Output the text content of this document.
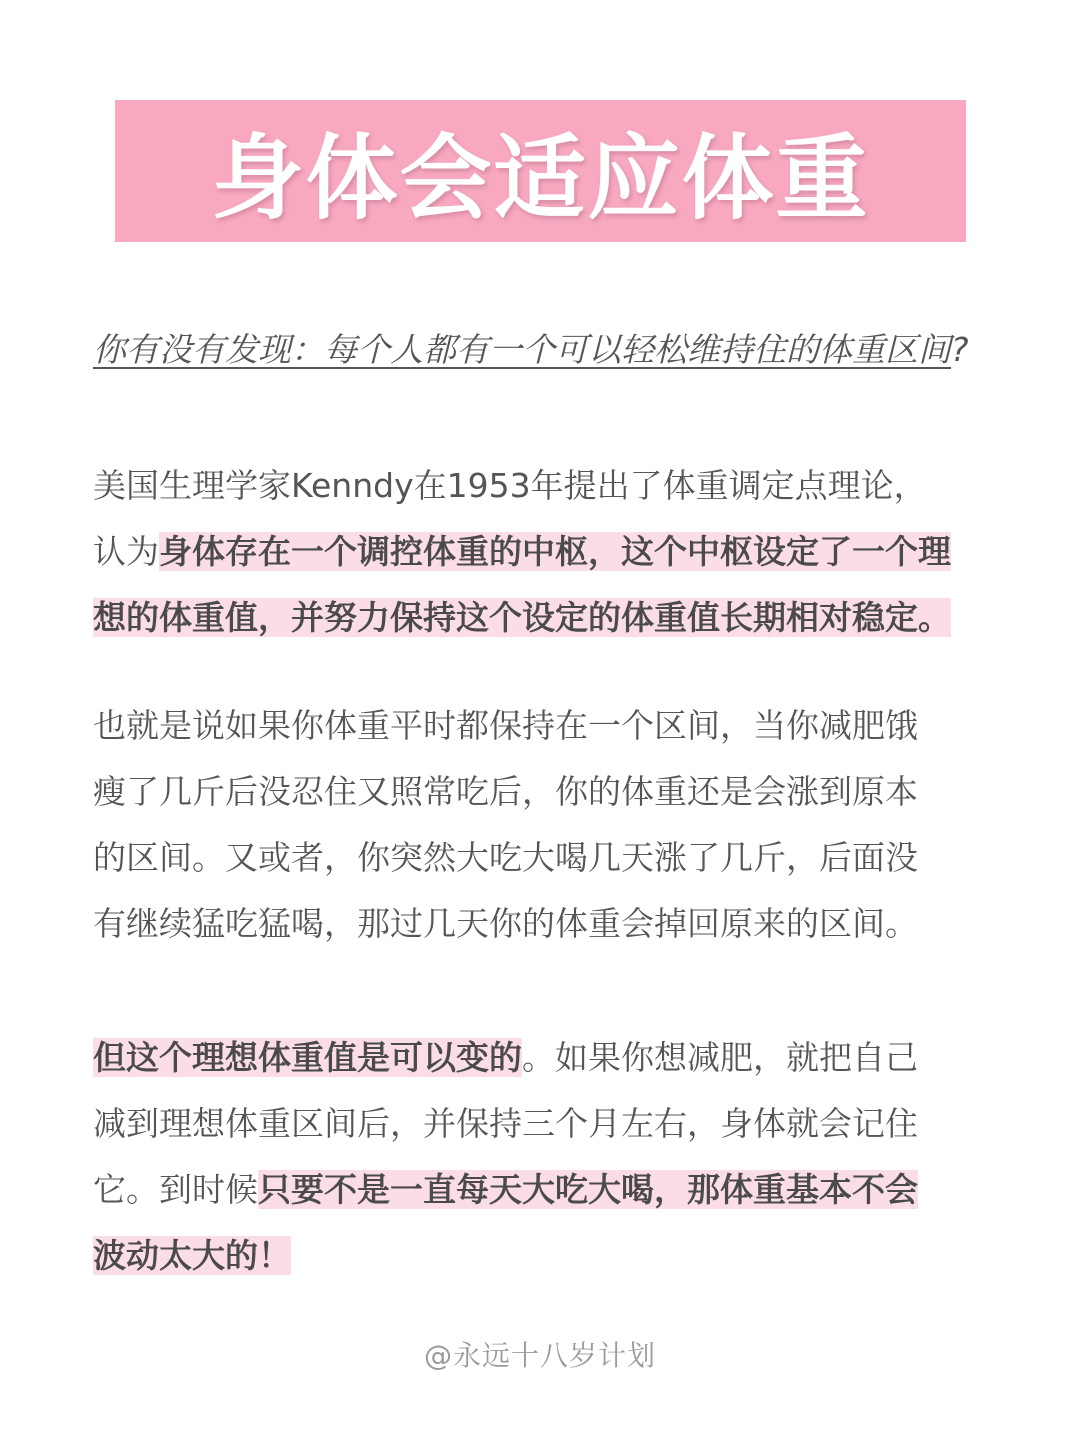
身体会适应体重
你有没有发现：每个人都有一个可以轻松维持住的体重区间?
美国生理学家Kenndy在1953年提出了体重调定点理论，
认为身体存在一个调控体重的中枢，这个中枢设定了一个理
想的体重值，并努力保持这个设定的体重值长期相对稳定。
也就是说如果你体重平时都保持在一个区间，当你减肥饿
瘦了几斤后没忍住又照常吃后，你的体重还是会涨到原本
的区间。又或者，你突然大吃大喝几天涨了几斤，后面没
有继续猛吃猛喝，那过几天你的体重会掉回原来的区间。
但这个理想体重值是可以变的。如果你想减肥，就把自己
减到理想体重区间后，并保持三个月左右，身体就会记住
它。到时候只要不是一直每天大吃大喝，那体重基本不会
波动太大的！
@永远十八岁计划
